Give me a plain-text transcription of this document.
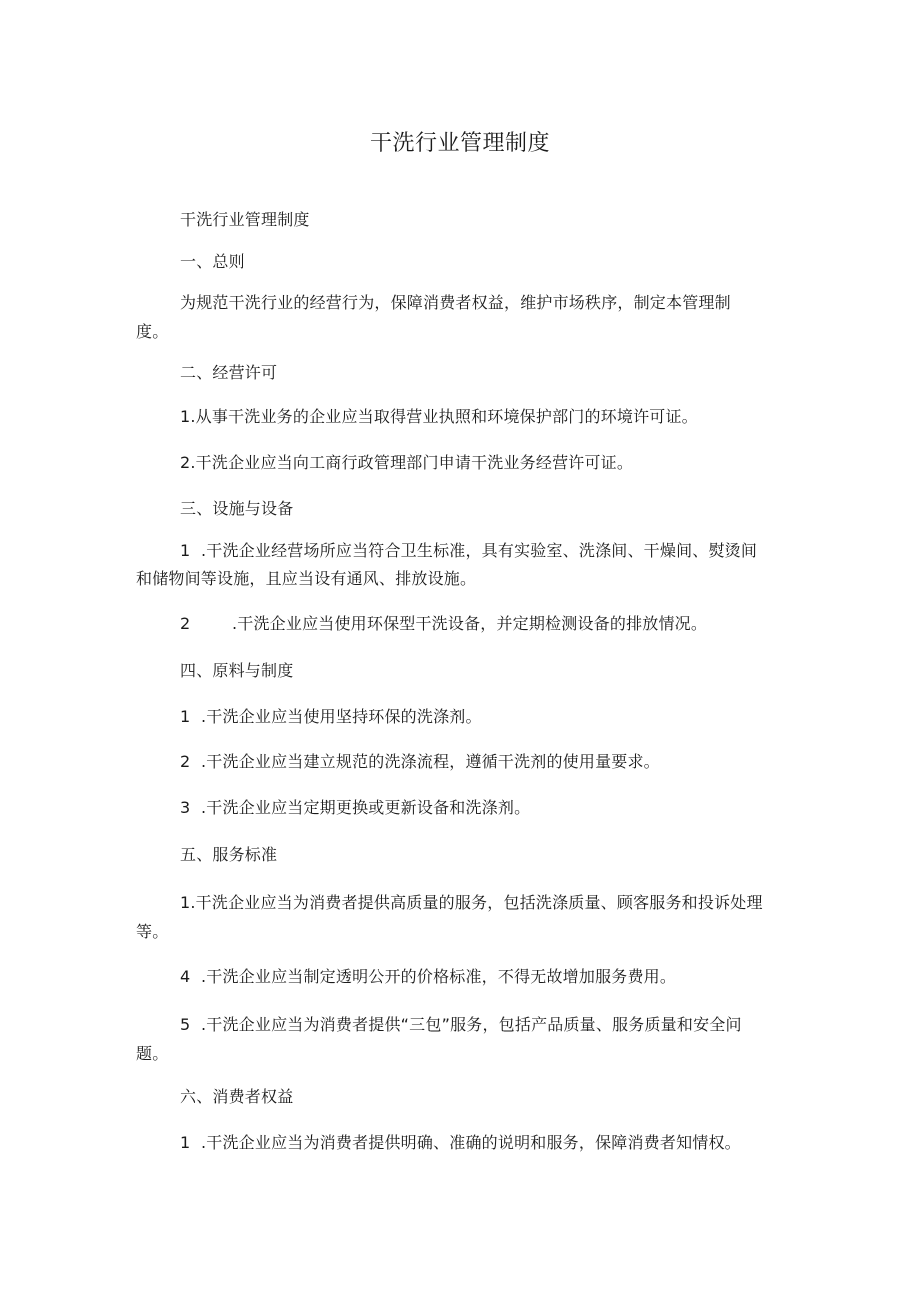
干洗行业管理制度
干洗行业管理制度
一、总则
为规范干洗行业的经营行为，保障消费者权益，维护市场秩序，制定本管理制
度。
二、经营许可
1.从事干洗业务的企业应当取得营业执照和环境保护部门的环境许可证。
2.干洗企业应当向工商行政管理部门申请干洗业务经营许可证。
三、设施与设备
1 .干洗企业经营场所应当符合卫生标准，具有实验室、洗涤间、干燥间、熨烫间
和储物间等设施，且应当设有通风、排放设施。
2	.干洗企业应当使用环保型干洗设备，并定期检测设备的排放情况。
四、原料与制度
1 .干洗企业应当使用坚持环保的洗涤剂。
2 .干洗企业应当建立规范的洗涤流程，遵循干洗剂的使用量要求。
3 .干洗企业应当定期更换或更新设备和洗涤剂。
五、服务标准
1.干洗企业应当为消费者提供高质量的服务，包括洗涤质量、顾客服务和投诉处理
等。
4 .干洗企业应当制定透明公开的价格标准，不得无故增加服务费用。
5 .干洗企业应当为消费者提供“三包”服务，包括产品质量、服务质量和安全问
题。
六、消费者权益
1 .干洗企业应当为消费者提供明确、准确的说明和服务，保障消费者知情权。
